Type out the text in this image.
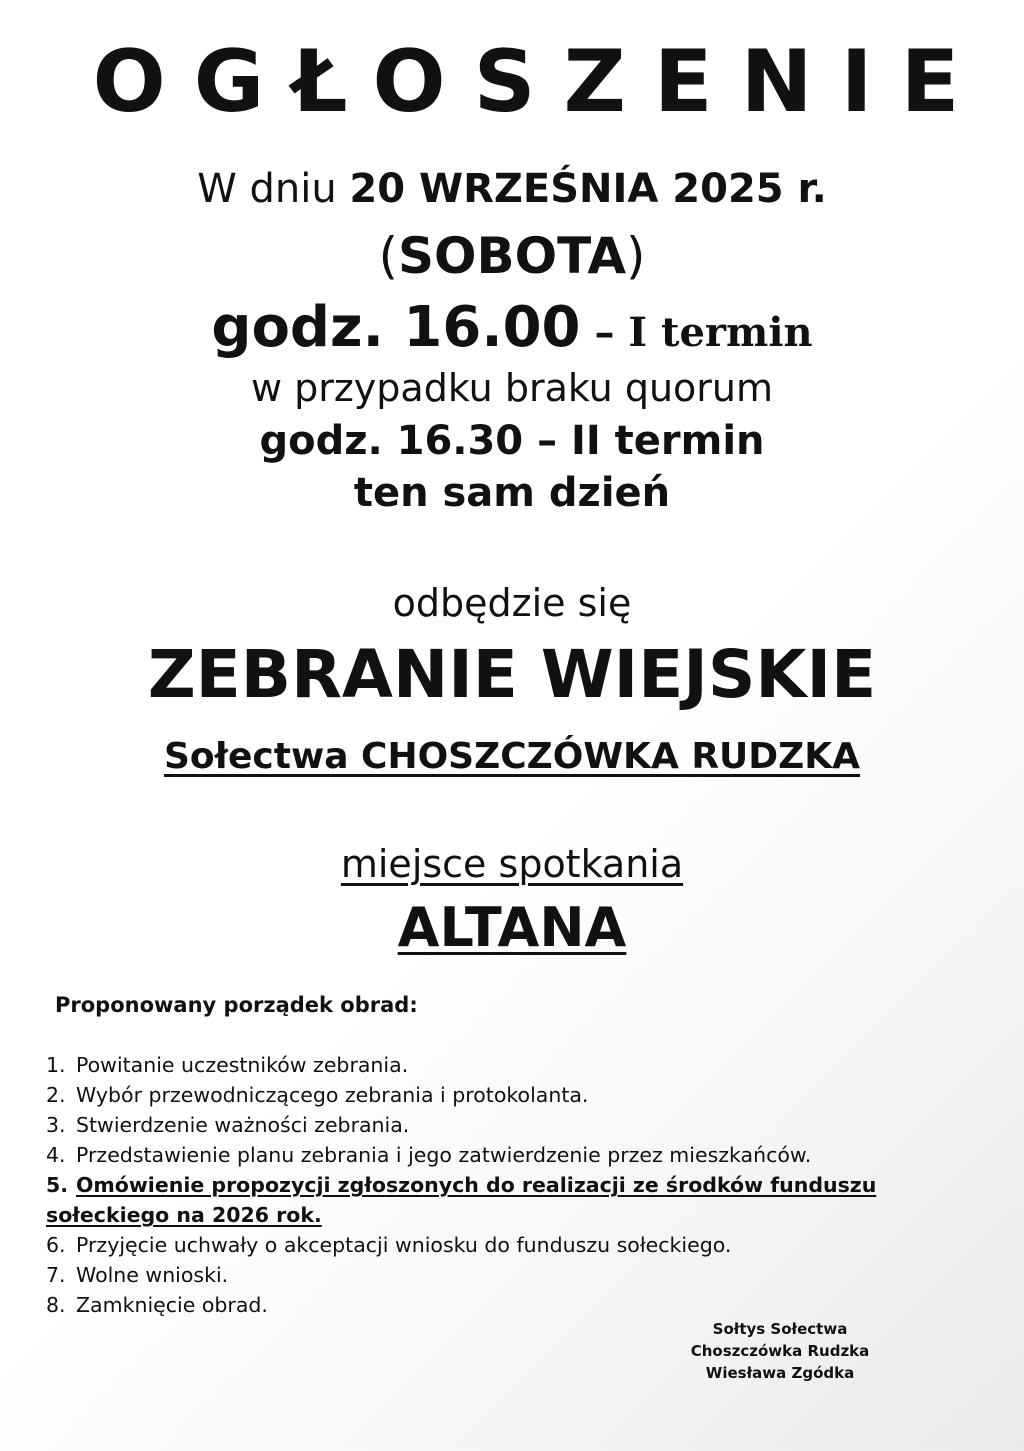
OGŁOSZENIE
W dniu 20 WRZEŚNIA 2025 r.
(SOBOTA)
godz. 16.00 – I termin
w przypadku braku quorum
godz. 16.30 – II termin
ten sam dzień
odbędzie się
ZEBRANIE WIEJSKIE
Sołectwa CHOSZCZÓWKA RUDZKA
miejsce spotkania
ALTANA
Proponowany porządek obrad:
1. Powitanie uczestników zebrania.
2. Wybór przewodniczącego zebrania i protokolanta.
3. Stwierdzenie ważności zebrania.
4. Przedstawienie planu zebrania i jego zatwierdzenie przez mieszkańców.
5. Omówienie propozycji zgłoszonych do realizacji ze środków funduszu sołeckiego na 2026 rok.
6. Przyjęcie uchwały o akceptacji wniosku do funduszu sołeckiego.
7. Wolne wnioski.
8. Zamknięcie obrad.
Sołtys Sołectwa
Choszczówka Rudzka
Wiesława Zgódka
